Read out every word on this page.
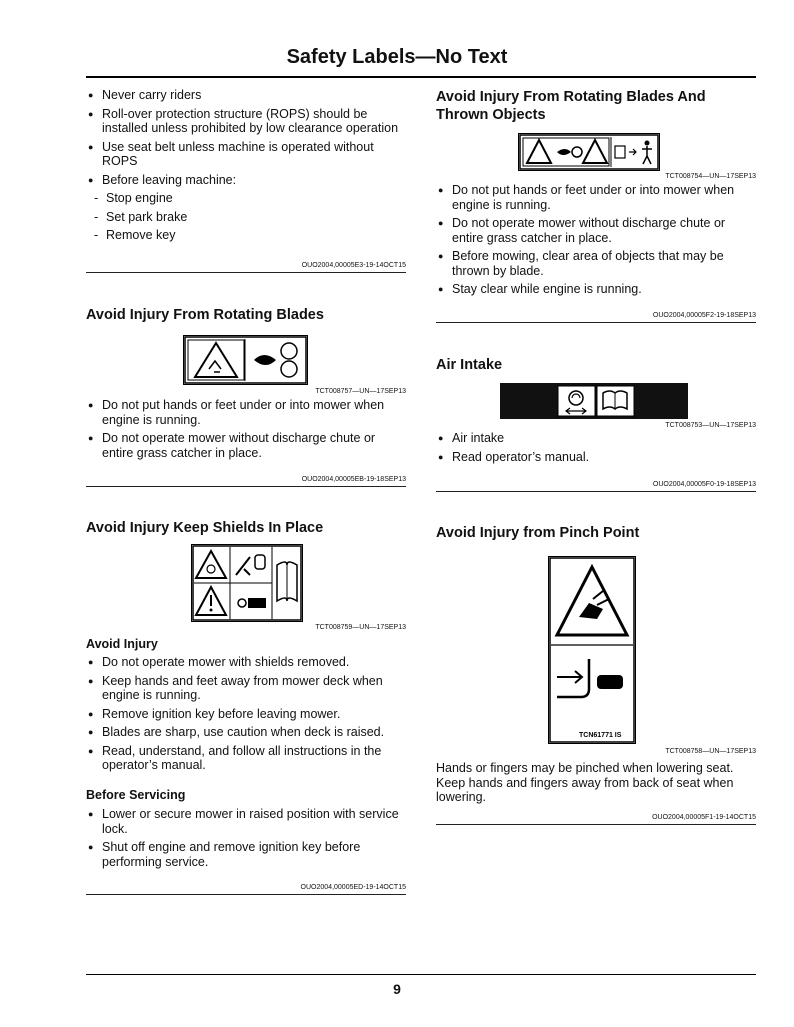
Safety Labels—No Text
● Never carry riders
● Roll-over protection structure (ROPS) should be installed unless prohibited by low clearance operation
● Use seat belt unless machine is operated without ROPS
● Before leaving machine:
- Stop engine
- Set park brake
- Remove key
OUO2004,00005E3-19-14OCT15
Avoid Injury From Rotating Blades
TCT008757—UN—17SEP13
● Do not put hands or feet under or into mower when engine is running.
● Do not operate mower without discharge chute or entire grass catcher in place.
OUO2004,00005EB-19-18SEP13
Avoid Injury Keep Shields In Place
TCT008759—UN—17SEP13
Avoid Injury
● Do not operate mower with shields removed.
● Keep hands and feet away from mower deck when engine is running.
● Remove ignition key before leaving mower.
● Blades are sharp, use caution when deck is raised.
● Read, understand, and follow all instructions in the operator’s manual.
Before Servicing
● Lower or secure mower in raised position with service lock.
● Shut off engine and remove ignition key before performing service.
OUO2004,00005ED-19-14OCT15
Avoid Injury From Rotating Blades And Thrown Objects
TCT008754—UN—17SEP13
● Do not put hands or feet under or into mower when engine is running.
● Do not operate mower without discharge chute or entire grass catcher in place.
● Before mowing, clear area of objects that may be thrown by blade.
● Stay clear while engine is running.
OUO2004,00005F2-19-18SEP13
Air Intake
TCT008753—UN—17SEP13
● Air intake
● Read operator’s manual.
OUO2004,00005F0-19-18SEP13
Avoid Injury from Pinch Point
TCN61771 IS
TCT008758—UN—17SEP13

Hands or fingers may be pinched when lowering seat. Keep hands and fingers away from back of seat when lowering.

OUO2004,00005F1-19-14OCT15
9
